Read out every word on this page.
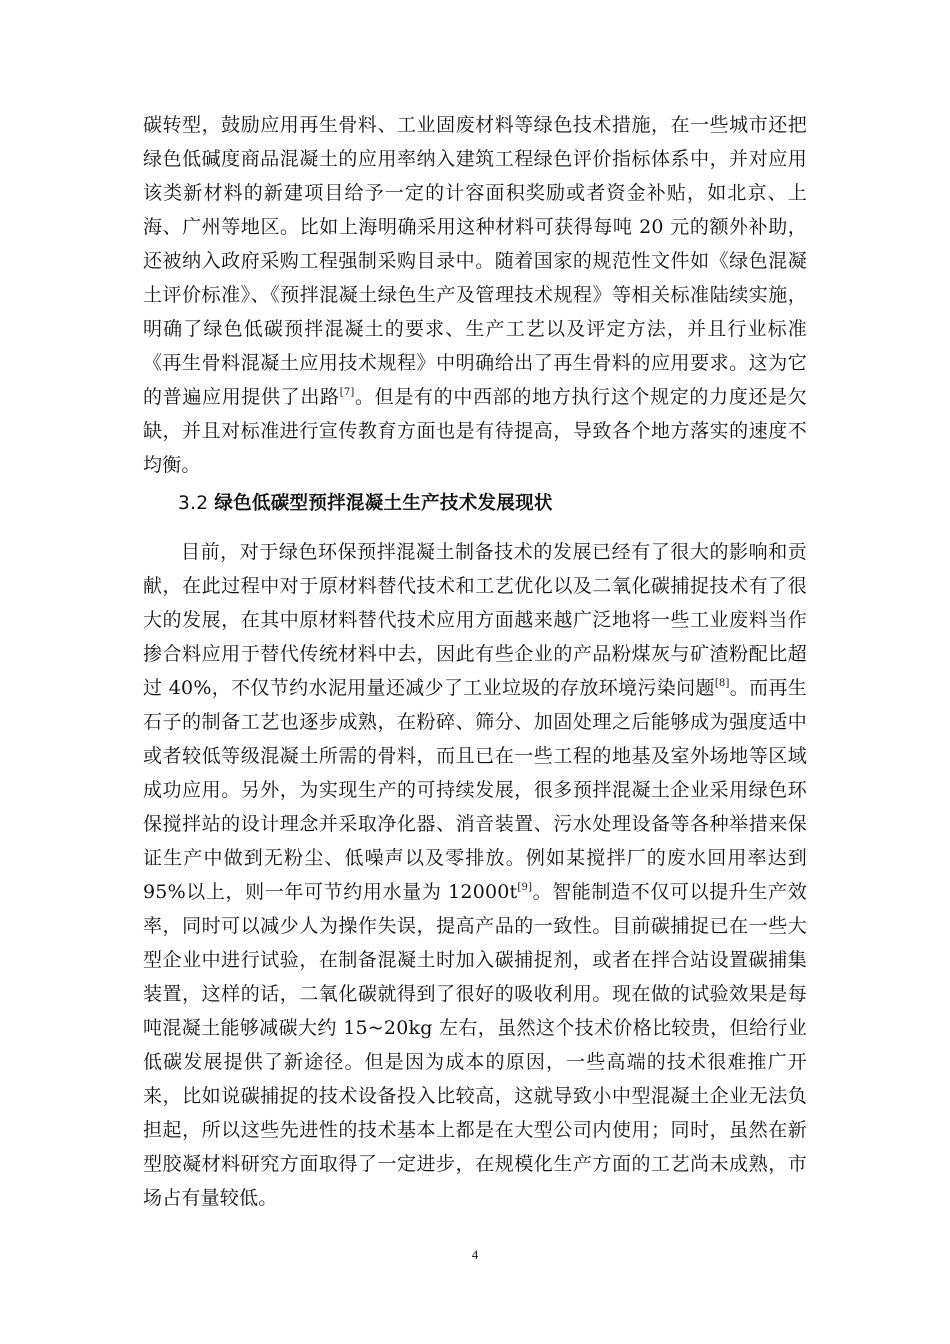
碳转型，鼓励应用再生骨料、工业固废材料等绿色技术措施，在一些城市还把绿色低碱度商品混凝土的应用率纳入建筑工程绿色评价指标体系中，并对应用该类新材料的新建项目给予一定的计容面积奖励或者资金补贴，如北京、上海、广州等地区。比如上海明确采用这种材料可获得每吨 20 元的额外补助，还被纳入政府采购工程强制采购目录中。随着国家的规范性文件如《绿色混凝土评价标准》、《预拌混凝土绿色生产及管理技术规程》等相关标准陆续实施，明确了绿色低碳预拌混凝土的要求、生产工艺以及评定方法，并且行业标准《再生骨料混凝土应用技术规程》中明确给出了再生骨料的应用要求。这为它的普遍应用提供了出路[7]。但是有的中西部的地方执行这个规定的力度还是欠缺，并且对标准进行宣传教育方面也是有待提高，导致各个地方落实的速度不均衡。

3.2 绿色低碳型预拌混凝土生产技术发展现状

目前，对于绿色环保预拌混凝土制备技术的发展已经有了很大的影响和贡献，在此过程中对于原材料替代技术和工艺优化以及二氧化碳捕捉技术有了很大的发展，在其中原材料替代技术应用方面越来越广泛地将一些工业废料当作掺合料应用于替代传统材料中去，因此有些企业的产品粉煤灰与矿渣粉配比超过 40%，不仅节约水泥用量还减少了工业垃圾的存放环境污染问题[8]。而再生石子的制备工艺也逐步成熟，在粉碎、筛分、加固处理之后能够成为强度适中或者较低等级混凝土所需的骨料，而且已在一些工程的地基及室外场地等区域成功应用。另外，为实现生产的可持续发展，很多预拌混凝土企业采用绿色环保搅拌站的设计理念并采取净化器、消音装置、污水处理设备等各种举措来保证生产中做到无粉尘、低噪声以及零排放。例如某搅拌厂的废水回用率达到 95%以上，则一年可节约用水量为 12000t[9]。智能制造不仅可以提升生产效率，同时可以减少人为操作失误，提高产品的一致性。目前碳捕捉已在一些大型企业中进行试验，在制备混凝土时加入碳捕捉剂，或者在拌合站设置碳捕集装置，这样的话，二氧化碳就得到了很好的吸收利用。现在做的试验效果是每吨混凝土能够减碳大约 15~20kg 左右，虽然这个技术价格比较贵，但给行业低碳发展提供了新途径。但是因为成本的原因，一些高端的技术很难推广开来，比如说碳捕捉的技术设备投入比较高，这就导致小中型混凝土企业无法负担起，所以这些先进性的技术基本上都是在大型公司内使用；同时，虽然在新型胶凝材料研究方面取得了一定进步，在规模化生产方面的工艺尚未成熟，市场占有量较低。

4
